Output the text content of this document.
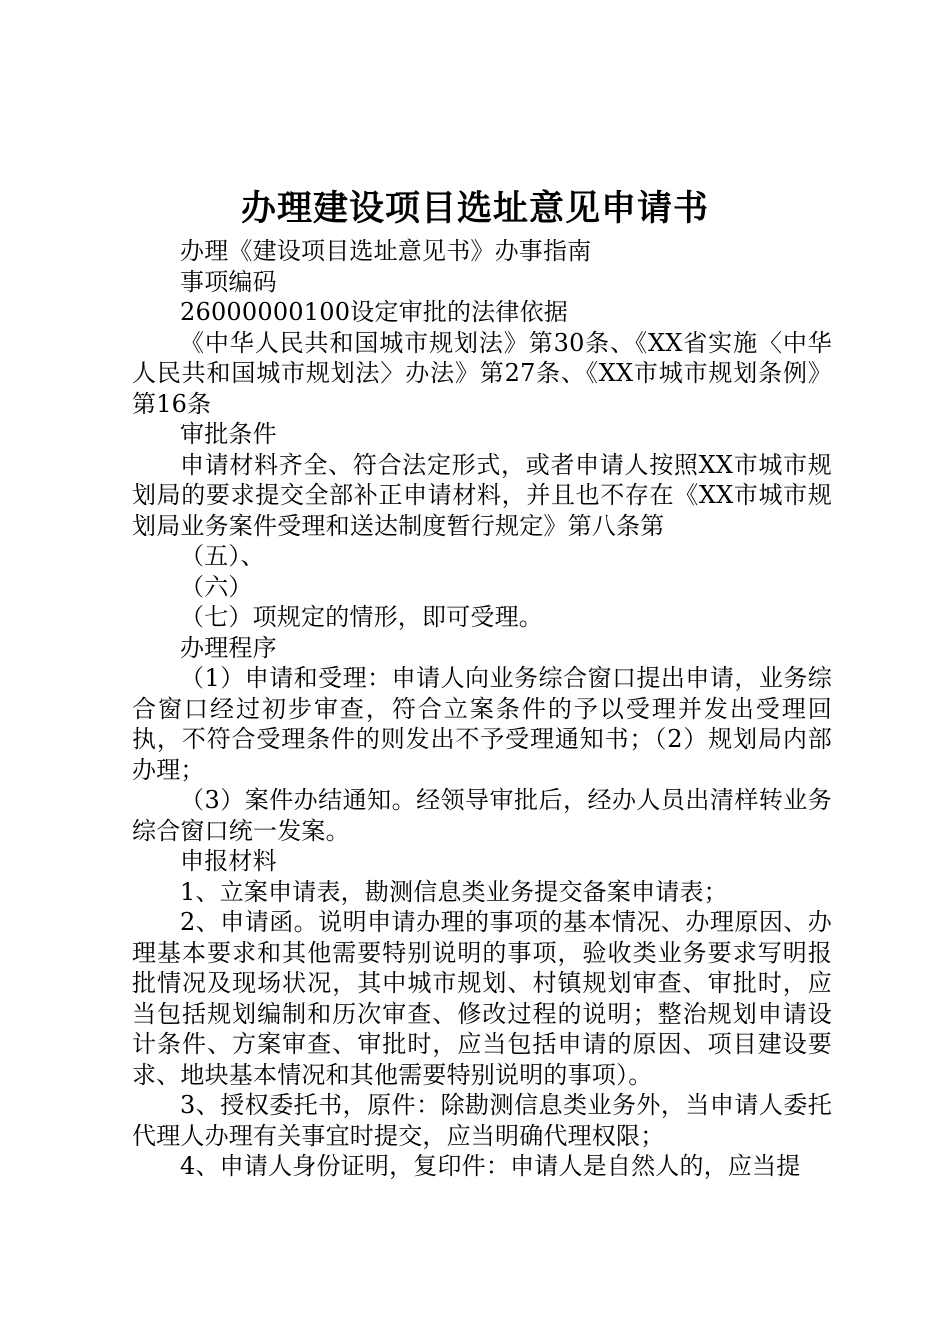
办理建设项目选址意见申请书

办理《建设项目选址意见书》办事指南

事项编码

26000000100设定审批的法律依据

《中华人民共和国城市规划法》第30条、《XX省实施〈中华人民共和国城市规划法〉办法》第27条、《XX市城市规划条例》第16条

审批条件

申请材料齐全、符合法定形式，或者申请人按照XX市城市规划局的要求提交全部补正申请材料，并且也不存在《XX市城市规划局业务案件受理和送达制度暂行规定》第八条第

（五）、

（六）

（七）项规定的情形，即可受理。

办理程序

（1）申请和受理：申请人向业务综合窗口提出申请，业务综合窗口经过初步审查，符合立案条件的予以受理并发出受理回执，不符合受理条件的则发出不予受理通知书；（2）规划局内部办理；

（3）案件办结通知。经领导审批后，经办人员出清样转业务综合窗口统一发案。

申报材料

1、立案申请表，勘测信息类业务提交备案申请表；

2、申请函。说明申请办理的事项的基本情况、办理原因、办理基本要求和其他需要特别说明的事项，验收类业务要求写明报批情况及现场状况，其中城市规划、村镇规划审查、审批时，应当包括规划编制和历次审查、修改过程的说明；整治规划申请设计条件、方案审查、审批时，应当包括申请的原因、项目建设要求、地块基本情况和其他需要特别说明的事项）。

3、授权委托书，原件：除勘测信息类业务外，当申请人委托代理人办理有关事宜时提交，应当明确代理权限；

4、申请人身份证明，复印件：申请人是自然人的，应当提
